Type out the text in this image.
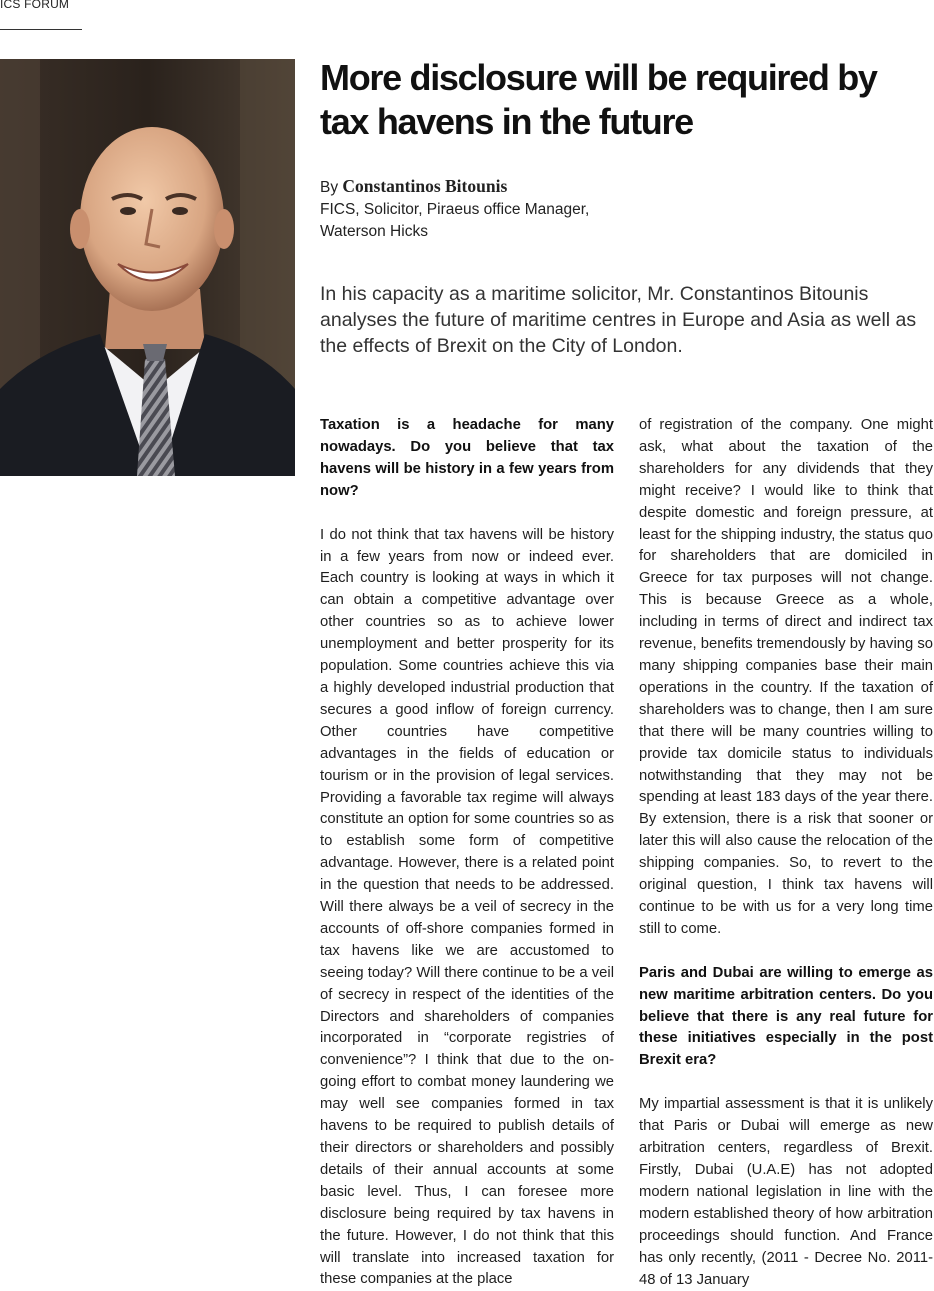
ICS FORUM
More disclosure will be required by tax havens in the future
By Constantinos Bitounis
FICS, Solicitor, Piraeus office Manager,
Waterson Hicks

In his capacity as a maritime solicitor, Mr. Constantinos Bitounis analyses the future of maritime centres in Europe and Asia as well as the effects of Brexit on the City of London.

Taxation is a headache for many nowadays. Do you believe that tax havens will be history in a few years from now?

I do not think that tax havens will be history in a few years from now or indeed ever. Each country is looking at ways in which it can obtain a competitive advantage over other countries so as to achieve lower unemployment and better prosperity for its population. Some countries achieve this via a highly developed industrial production that secures a good inflow of foreign currency. Other countries have competitive advantages in the fields of education or tourism or in the provision of legal services. Providing a favorable tax regime will always constitute an option for some countries so as to establish some form of competitive advantage. However, there is a related point in the question that needs to be addressed. Will there always be a veil of secrecy in the accounts of off-shore companies formed in tax havens like we are accustomed to seeing today? Will there continue to be a veil of secrecy in respect of the identities of the Directors and shareholders of companies incorporated in “corporate registries of convenience”? I think that due to the on-going effort to combat money laundering we may well see companies formed in tax havens to be required to publish details of their directors or shareholders and possibly details of their annual accounts at some basic level. Thus, I can foresee more disclosure being required by tax havens in the future. However, I do not think that this will translate into increased taxation for these companies at the place

of registration of the company. One might ask, what about the taxation of the shareholders for any dividends that they might receive? I would like to think that despite domestic and foreign pressure, at least for the shipping industry, the status quo for shareholders that are domiciled in Greece for tax purposes will not change. This is because Greece as a whole, including in terms of direct and indirect tax revenue, benefits tremendously by having so many shipping companies base their main operations in the country. If the taxation of shareholders was to change, then I am sure that there will be many countries willing to provide tax domicile status to individuals notwithstanding that they may not be spending at least 183 days of the year there. By extension, there is a risk that sooner or later this will also cause the relocation of the shipping companies. So, to revert to the original question, I think tax havens will continue to be with us for a very long time still to come.

Paris and Dubai are willing to emerge as new maritime arbitration centers. Do you believe that there is any real future for these initiatives especially in the post Brexit era?

My impartial assessment is that it is unlikely that Paris or Dubai will emerge as new arbitration centers, regardless of Brexit. Firstly, Dubai (U.A.E) has not adopted modern national legislation in line with the modern established theory of how arbitration proceedings should function. And France has only recently, (2011 - Decree No. 2011-48 of 13 January
